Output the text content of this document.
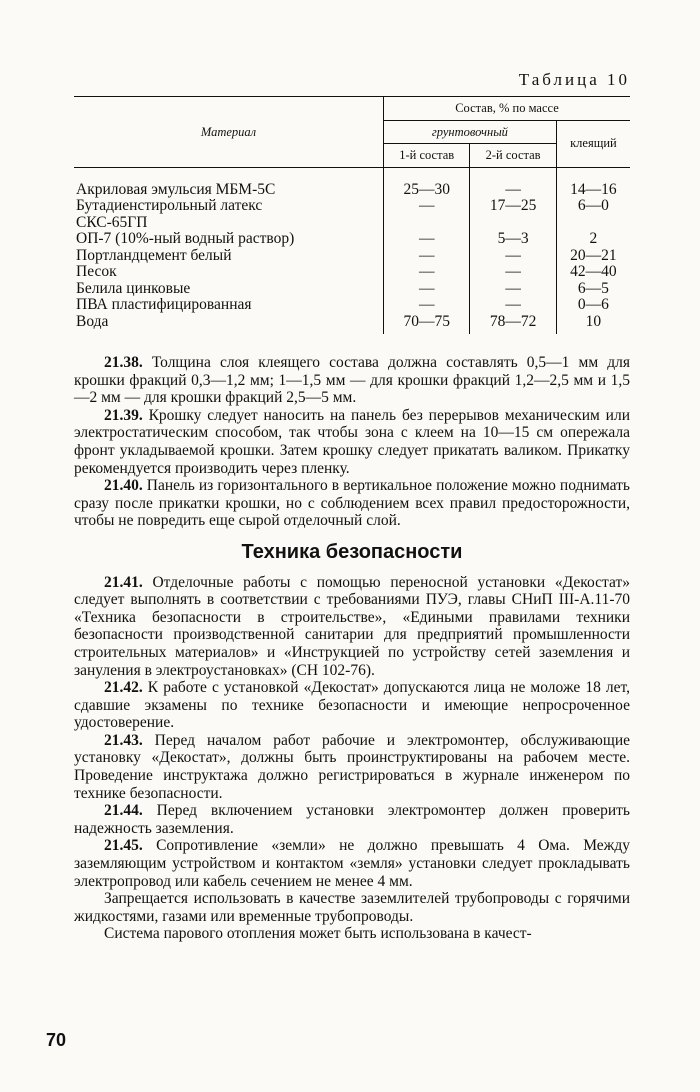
Таблица 10
Материал	Состав, % по массе		
	грунтовочный		клеящий
	1-й состав	2-й состав	
Акриловая эмульсия МБМ-5С	25—30	—	14—16
Бутадиенстирольный латекс	—	17—25	6—0
СКС-65ГП			
ОП-7 (10%-ный водный раствор)	—	5—3	2
Портландцемент белый	—	—	20—21
Песок	—	—	42—40
Белила цинковые	—	—	6—5
ПВА пластифицированная	—	—	0—6
Вода	70—75	78—72	10

21.38. Толщина слоя клеящего состава должна составлять 0,5—1 мм для крошки фракций 0,3—1,2 мм; 1—1,5 мм — для крошки фракций 1,2—2,5 мм и 1,5—2 мм — для крошки фракций 2,5—5 мм.

21.39. Крошку следует наносить на панель без перерывов механическим или электростатическим способом, так чтобы зона с клеем на 10—15 см опережала фронт укладываемой крошки. Затем крошку следует прикатать валиком. Прикатку рекомендуется производить через пленку.

21.40. Панель из горизонтального в вертикальное положение можно поднимать сразу после прикатки крошки, но с соблюдением всех правил предосторожности, чтобы не повредить еще сырой отделочный слой.

Техника безопасности

21.41. Отделочные работы с помощью переносной установки «Декостат» следует выполнять в соответствии с требованиями ПУЭ, главы СНиП III-А.11-70 «Техника безопасности в строительстве», «Едиными правилами техники безопасности производственной санитарии для предприятий промышленности строительных материалов» и «Инструкцией по устройству сетей заземления и зануления в электроустановках» (СН 102-76).

21.42. К работе с установкой «Декостат» допускаются лица не моложе 18 лет, сдавшие экзамены по технике безопасности и имеющие непросроченное удостоверение.

21.43. Перед началом работ рабочие и электромонтер, обслуживающие установку «Декостат», должны быть проинструктированы на рабочем месте. Проведение инструктажа должно регистрироваться в журнале инженером по технике безопасности.

21.44. Перед включением установки электромонтер должен проверить надежность заземления.

21.45. Сопротивление «земли» не должно превышать 4 Ома. Между заземляющим устройством и контактом «земля» установки следует прокладывать электропровод или кабель сечением не менее 4 мм.

Запрещается использовать в качестве заземлителей трубопроводы с горячими жидкостями, газами или временные трубопроводы.

Система парового отопления может быть использована в качест-

70
